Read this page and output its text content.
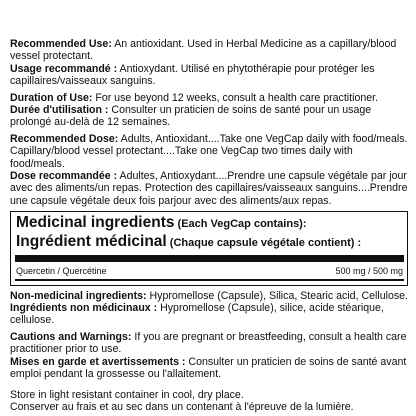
Recommended Use: An antioxidant. Used in Herbal Medicine as a capillary/blood vessel protectant.

Usage recommandé : Antioxydant. Utilisé en phytothérapie pour protéger les capillaires/vaisseaux sanguins.

Duration of Use: For use beyond 12 weeks, consult a health care practitioner.

Durée d'utilisation : Consulter un praticien de soins de santé pour un usage prolongé au-delà de 12 semaines.

Recommended Dose: Adults, Antioxidant....Take one VegCap daily with food/meals. Capillary/blood vessel protectant....Take one VegCap two times daily with food/meals.

Dose recommandée : Adultes, Antioxydant....Prendre une capsule végétale par jour avec des aliments/un repas. Protection des capillaires/vaisseaux sanguins....Prendre une capsule végétale deux fois parjour avec des aliments/aux repas.

Medicinal ingredients (Each VegCap contains):
Ingrédient médicinal (Chaque capsule végétale contient) :
Quercetin / Quercétine	500 mg / 500 mg

Non-medicinal ingredients: Hypromellose (Capsule), Silica, Stearic acid, Cellulose.

Ingrédients non médicinaux : Hypromellose (Capsule), silice, acide stéarique, cellulose.

Cautions and Warnings: If you are pregnant or breastfeeding, consult a health care practitioner prior to use.

Mises en garde et avertissements : Consulter un praticien de soins de santé avant emploi pendant la grossesse ou l'allaitement.

Store in light resistant container in cool, dry place.

Conserver au frais et au sec dans un contenant à l'épreuve de la lumière.
